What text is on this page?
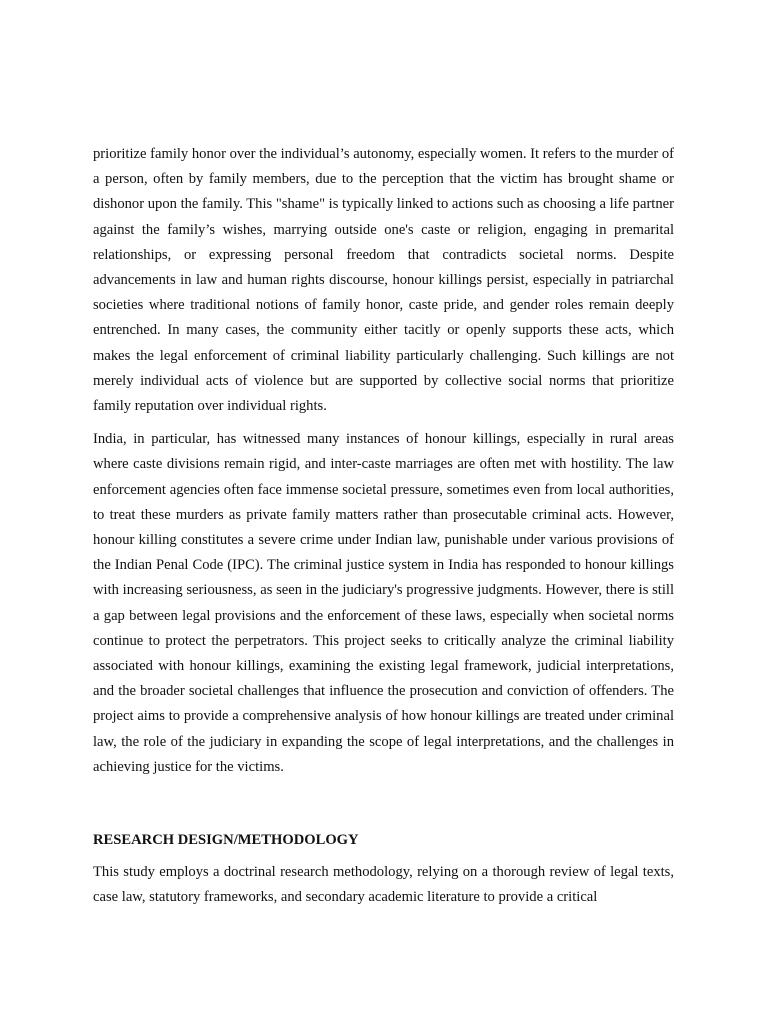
prioritize family honor over the individual’s autonomy, especially women. It refers to the murder of a person, often by family members, due to the perception that the victim has brought shame or dishonor upon the family. This "shame" is typically linked to actions such as choosing a life partner against the family’s wishes, marrying outside one's caste or religion, engaging in premarital relationships, or expressing personal freedom that contradicts societal norms. Despite advancements in law and human rights discourse, honour killings persist, especially in patriarchal societies where traditional notions of family honor, caste pride, and gender roles remain deeply entrenched. In many cases, the community either tacitly or openly supports these acts, which makes the legal enforcement of criminal liability particularly challenging. Such killings are not merely individual acts of violence but are supported by collective social norms that prioritize family reputation over individual rights.

India, in particular, has witnessed many instances of honour killings, especially in rural areas where caste divisions remain rigid, and inter-caste marriages are often met with hostility. The law enforcement agencies often face immense societal pressure, sometimes even from local authorities, to treat these murders as private family matters rather than prosecutable criminal acts. However, honour killing constitutes a severe crime under Indian law, punishable under various provisions of the Indian Penal Code (IPC). The criminal justice system in India has responded to honour killings with increasing seriousness, as seen in the judiciary's progressive judgments. However, there is still a gap between legal provisions and the enforcement of these laws, especially when societal norms continue to protect the perpetrators. This project seeks to critically analyze the criminal liability associated with honour killings, examining the existing legal framework, judicial interpretations, and the broader societal challenges that influence the prosecution and conviction of offenders. The project aims to provide a comprehensive analysis of how honour killings are treated under criminal law, the role of the judiciary in expanding the scope of legal interpretations, and the challenges in achieving justice for the victims.

RESEARCH DESIGN/METHODOLOGY

This study employs a doctrinal research methodology, relying on a thorough review of legal texts, case law, statutory frameworks, and secondary academic literature to provide a critical
